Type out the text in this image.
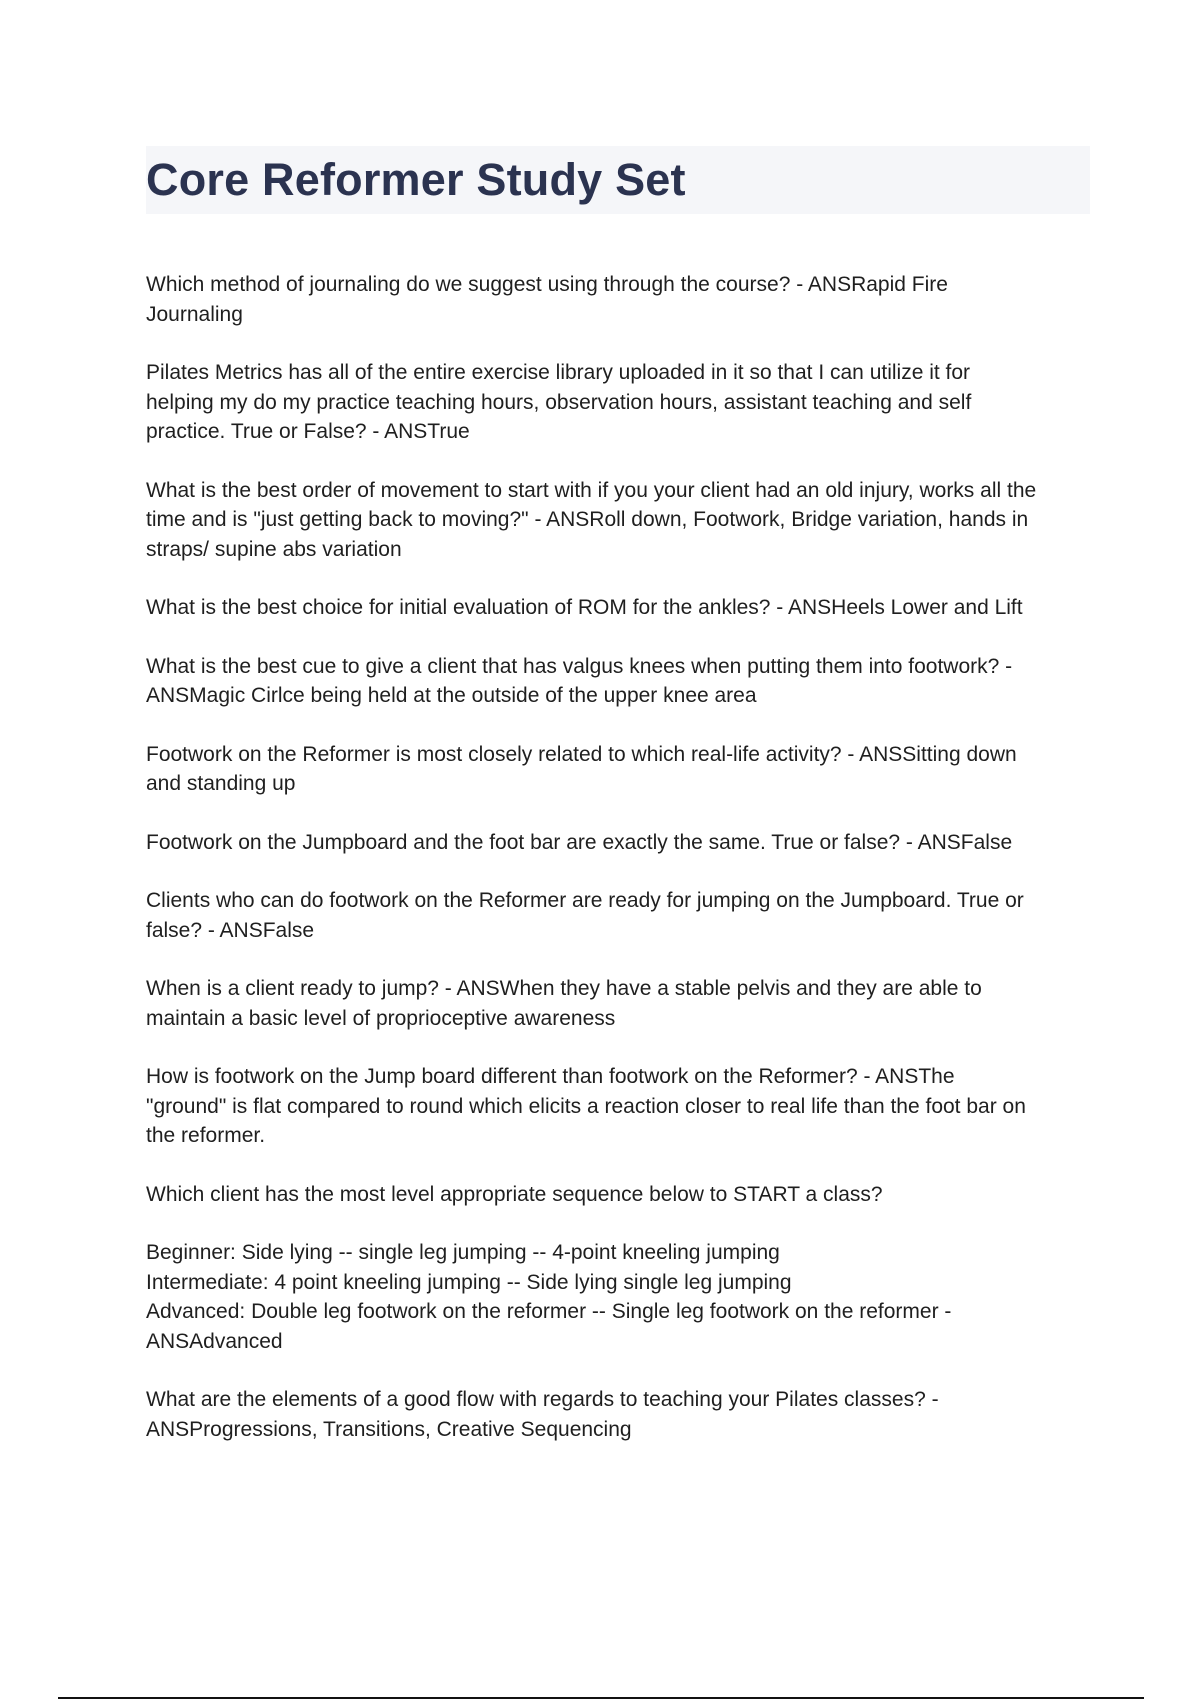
Core Reformer Study Set

Which method of journaling do we suggest using through the course? - ANSRapid Fire
Journaling

Pilates Metrics has all of the entire exercise library uploaded in it so that I can utilize it for
helping my do my practice teaching hours, observation hours, assistant teaching and self
practice. True or False? - ANSTrue

What is the best order of movement to start with if you your client had an old injury, works all the
time and is "just getting back to moving?" - ANSRoll down, Footwork, Bridge variation, hands in
straps/ supine abs variation

What is the best choice for initial evaluation of ROM for the ankles? - ANSHeels Lower and Lift

What is the best cue to give a client that has valgus knees when putting them into footwork? -
ANSMagic Cirlce being held at the outside of the upper knee area

Footwork on the Reformer is most closely related to which real-life activity? - ANSSitting down
and standing up

Footwork on the Jumpboard and the foot bar are exactly the same. True or false? - ANSFalse

Clients who can do footwork on the Reformer are ready for jumping on the Jumpboard. True or
false? - ANSFalse

When is a client ready to jump? - ANSWhen they have a stable pelvis and they are able to
maintain a basic level of proprioceptive awareness

How is footwork on the Jump board different than footwork on the Reformer? - ANSThe
"ground" is flat compared to round which elicits a reaction closer to real life than the foot bar on
the reformer.

Which client has the most level appropriate sequence below to START a class?

Beginner: Side lying -- single leg jumping -- 4-point kneeling jumping
Intermediate: 4 point kneeling jumping -- Side lying single leg jumping
Advanced: Double leg footwork on the reformer -- Single leg footwork on the reformer -
ANSAdvanced

What are the elements of a good flow with regards to teaching your Pilates classes? -
ANSProgressions, Transitions, Creative Sequencing
